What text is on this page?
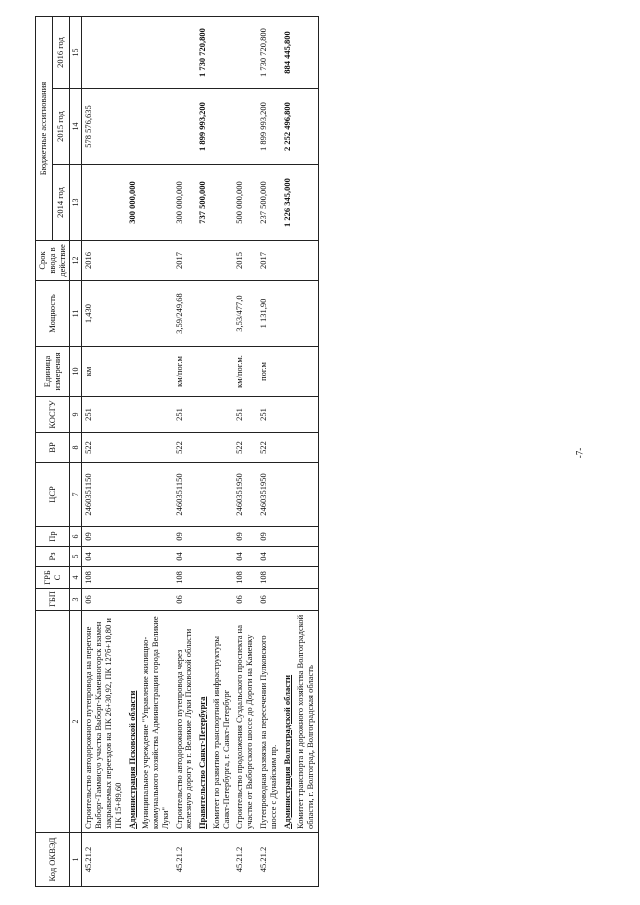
Код ОКВЭД		ГБП	ГРБ С	Рз	Пр	ЦСР	ВР	КОСГУ	Единица измерения	Мощность	Срок ввода в действие	Бюджетные ассигнования		
												2014 год	2015 год	2016 год
1	2	3	4	5	6	7	8	9	10	11	12	13	14	15
45.21.2	Строительство автодорожного путепровода на перегоне Выборг-Таммисуо участка Выборг-Каменногорск взамен закрываемых переездов на ПК 26+30,92, ПК 127б+10,80 и ПК 15+89,60	06	108	04	09	2460351150	522	251	км	1,430	2016		578 576,635	
	Администрация Псковской области											300 000,000		
	Муниципальное учреждение "Управление жилищно-коммунального хозяйства Администрации города Великие Луки"													
45.21.2	Строительство автодорожного путепровода через железную дорогу в г. Великие Луки Псковской области	06	108	04	09	2460351150	522	251	км/пог.м	3,59/249,68	2017	300 000,000		
	Правительство Санкт-Петербурга											737 500,000	1 899 993,200	1 730 720,800
	Комитет по развитию транспортной инфраструктуры Санкт-Петербурга, г. Санкт-Петербург													
45.21.2	Строительство продолжения Суздальского проспекта на участке от Выборгского шоссе до Дороги на Каменку	06	108	04	09	2460351950	522	251	км/пог.м.	3,53/477,0	2015	500 000,000		
45.21.2	Путепроводная развязка на пересечении Пулковского шоссе с Дунайским пр.	06	108	04	09	2460351950	522	251	пог.м	1 131,90	2017	237 500,000	1 899 993,200	1 730 720,800
	Администрация Волгоградской области											1 226 345,000	2 252 496,800	884 445,800
	Комитет транспорта и дорожного хозяйства Волгоградской области, г. Волгоград, Волгоградская область													
-7-
